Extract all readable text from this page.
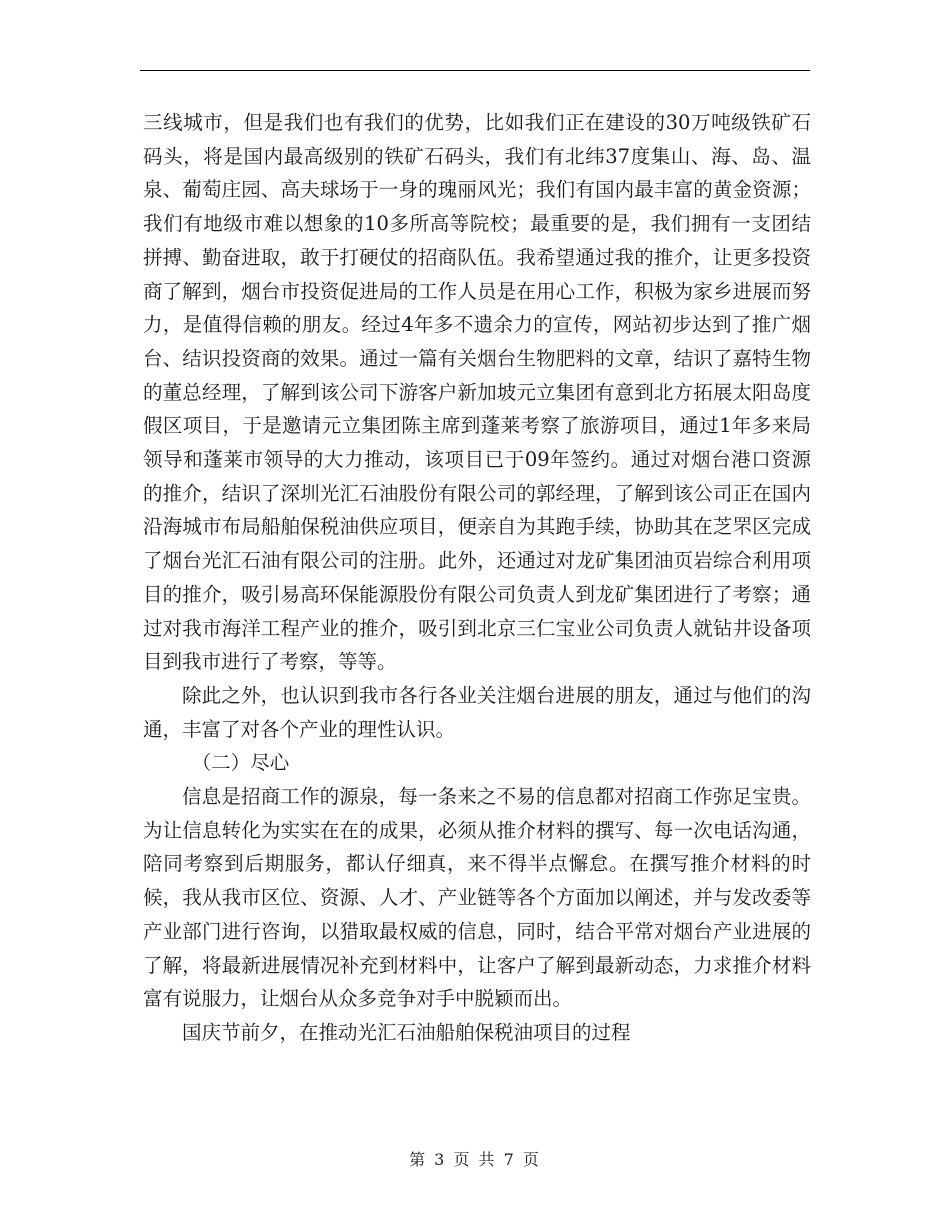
三线城市，但是我们也有我们的优势，比如我们正在建设的30万吨级铁矿石码头，将是国内最高级别的铁矿石码头，我们有北纬37度集山、海、岛、温泉、葡萄庄园、高夫球场于一身的瑰丽风光；我们有国内最丰富的黄金资源；我们有地级市难以想象的10多所高等院校；最重要的是，我们拥有一支团结拼搏、勤奋进取，敢于打硬仗的招商队伍。我希望通过我的推介，让更多投资商了解到，烟台市投资促进局的工作人员是在用心工作，积极为家乡进展而努力，是值得信赖的朋友。经过4年多不遗余力的宣传，网站初步达到了推广烟台、结识投资商的效果。通过一篇有关烟台生物肥料的文章，结识了嘉特生物的董总经理，了解到该公司下游客户新加坡元立集团有意到北方拓展太阳岛度假区项目，于是邀请元立集团陈主席到蓬莱考察了旅游项目，通过1年多来局领导和蓬莱市领导的大力推动，该项目已于09年签约。通过对烟台港口资源的推介，结识了深圳光汇石油股份有限公司的郭经理，了解到该公司正在国内沿海城市布局船舶保税油供应项目，便亲自为其跑手续，协助其在芝罘区完成了烟台光汇石油有限公司的注册。此外，还通过对龙矿集团油页岩综合利用项目的推介，吸引易高环保能源股份有限公司负责人到龙矿集团进行了考察；通过对我市海洋工程产业的推介，吸引到北京三仁宝业公司负责人就钻井设备项目到我市进行了考察，等等。

除此之外，也认识到我市各行各业关注烟台进展的朋友，通过与他们的沟通，丰富了对各个产业的理性认识。

（二）尽心

信息是招商工作的源泉，每一条来之不易的信息都对招商工作弥足宝贵。为让信息转化为实实在在的成果，必须从推介材料的撰写、每一次电话沟通，陪同考察到后期服务，都认仔细真，来不得半点懈怠。在撰写推介材料的时候，我从我市区位、资源、人才、产业链等各个方面加以阐述，并与发改委等产业部门进行咨询，以猎取最权威的信息，同时，结合平常对烟台产业进展的了解，将最新进展情况补充到材料中，让客户了解到最新动态，力求推介材料富有说服力，让烟台从众多竞争对手中脱颖而出。

国庆节前夕，在推动光汇石油船舶保税油项目的过程

第 3 页 共 7 页
